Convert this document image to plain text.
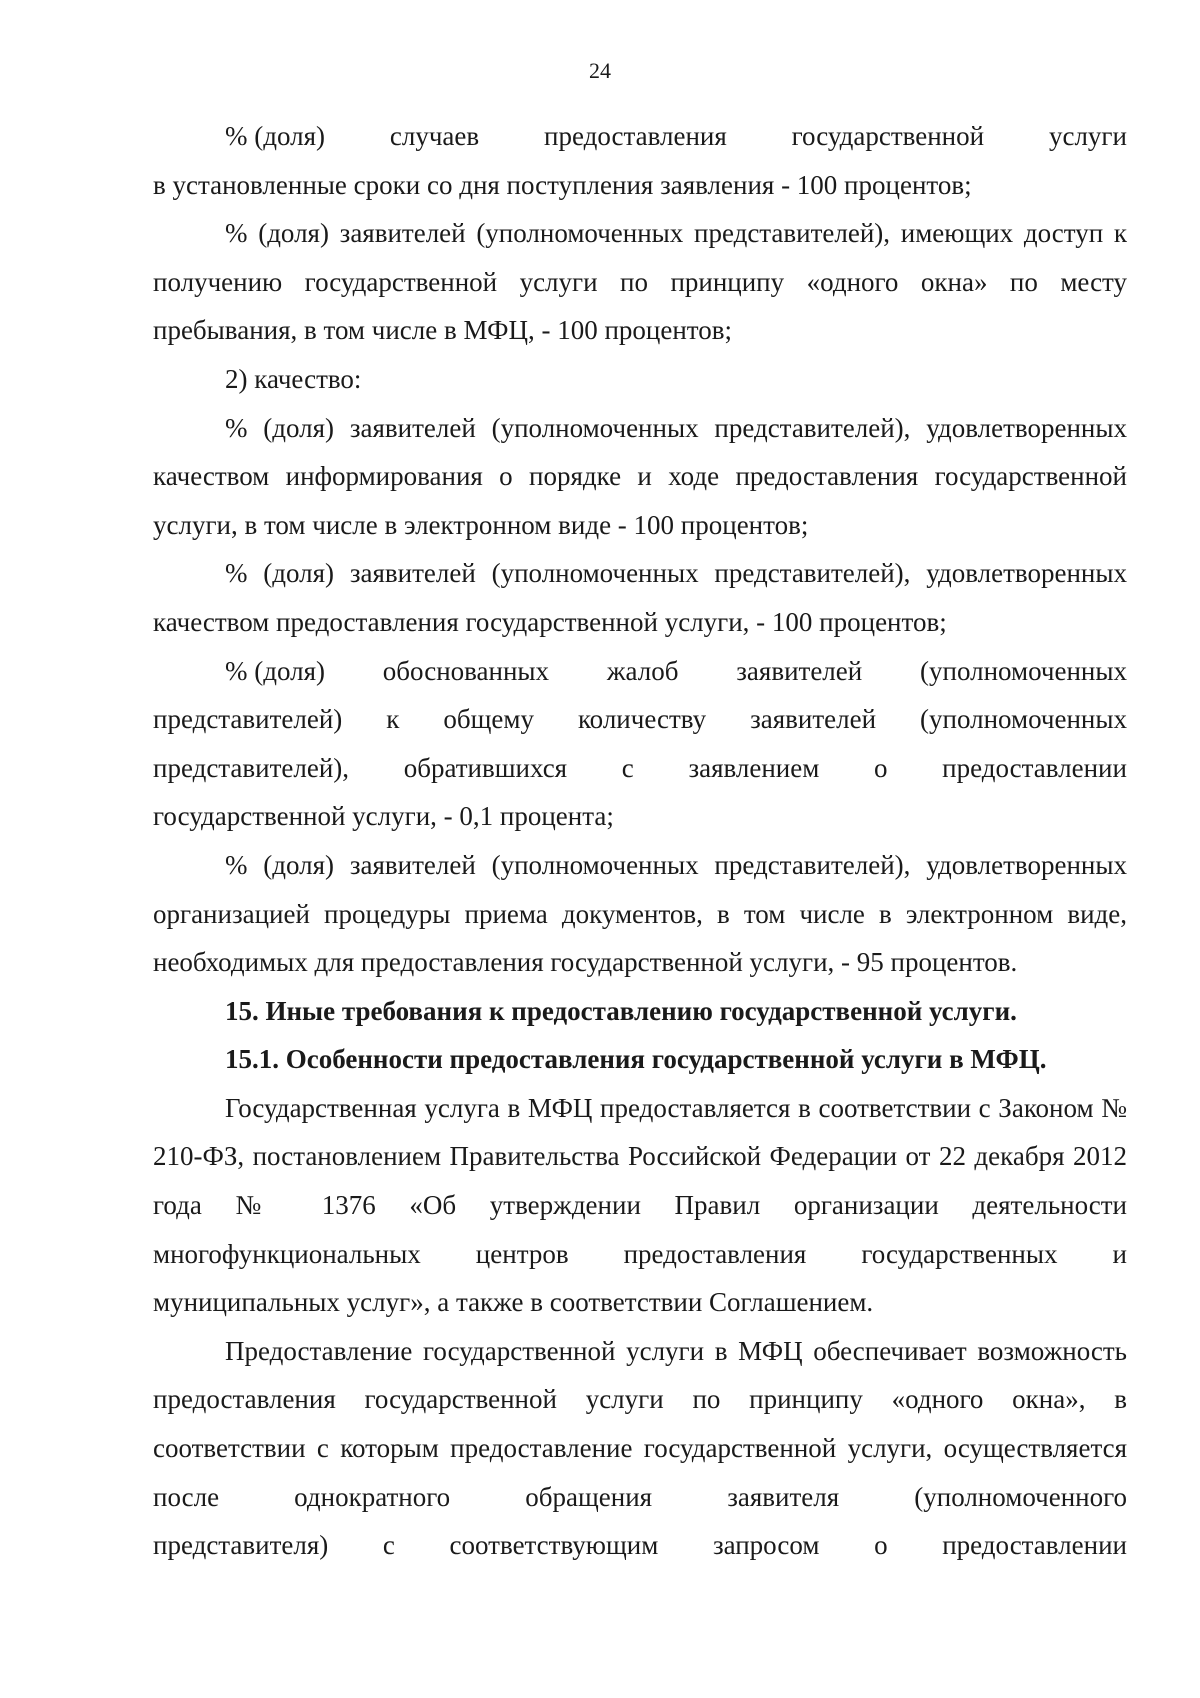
24
% (доля) случаев предоставления государственной услуги
в установленные сроки со дня поступления заявления - 100 процентов;

% (доля) заявителей (уполномоченных представителей), имеющих доступ к получению государственной услуги по принципу «одного окна» по месту пребывания, в том числе в МФЦ, - 100 процентов;

2) качество:

% (доля) заявителей (уполномоченных представителей), удовлетворенных качеством информирования о порядке и ходе предоставления государственной услуги, в том числе в электронном виде - 100 процентов;

% (доля) заявителей (уполномоченных представителей), удовлетворенных качеством предоставления государственной услуги, - 100 процентов;

% (доля) обоснованных жалоб заявителей (уполномоченных
представителей) к общему количеству заявителей (уполномоченных
представителей), обратившихся с заявлением о предоставлении
государственной услуги, - 0,1 процента;

% (доля) заявителей (уполномоченных представителей), удовлетворенных организацией процедуры приема документов, в том числе в электронном виде, необходимых для предоставления государственной услуги, - 95 процентов.

15. Иные требования к предоставлению государственной услуги.

15.1. Особенности предоставления государственной услуги в МФЦ.

Государственная услуга в МФЦ предоставляется в соответствии с Законом № 210-ФЗ, постановлением Правительства Российской Федерации от 22 декабря 2012 года № 1376 «Об утверждении Правил организации деятельности многофункциональных центров предоставления государственных и муниципальных услуг», а также в соответствии Соглашением.

Предоставление государственной услуги в МФЦ обеспечивает возможность предоставления государственной услуги по принципу «одного окна», в соответствии с которым предоставление государственной услуги, осуществляется после однократного обращения заявителя (уполномоченного

представителя) с соответствующим запросом о предоставлении
